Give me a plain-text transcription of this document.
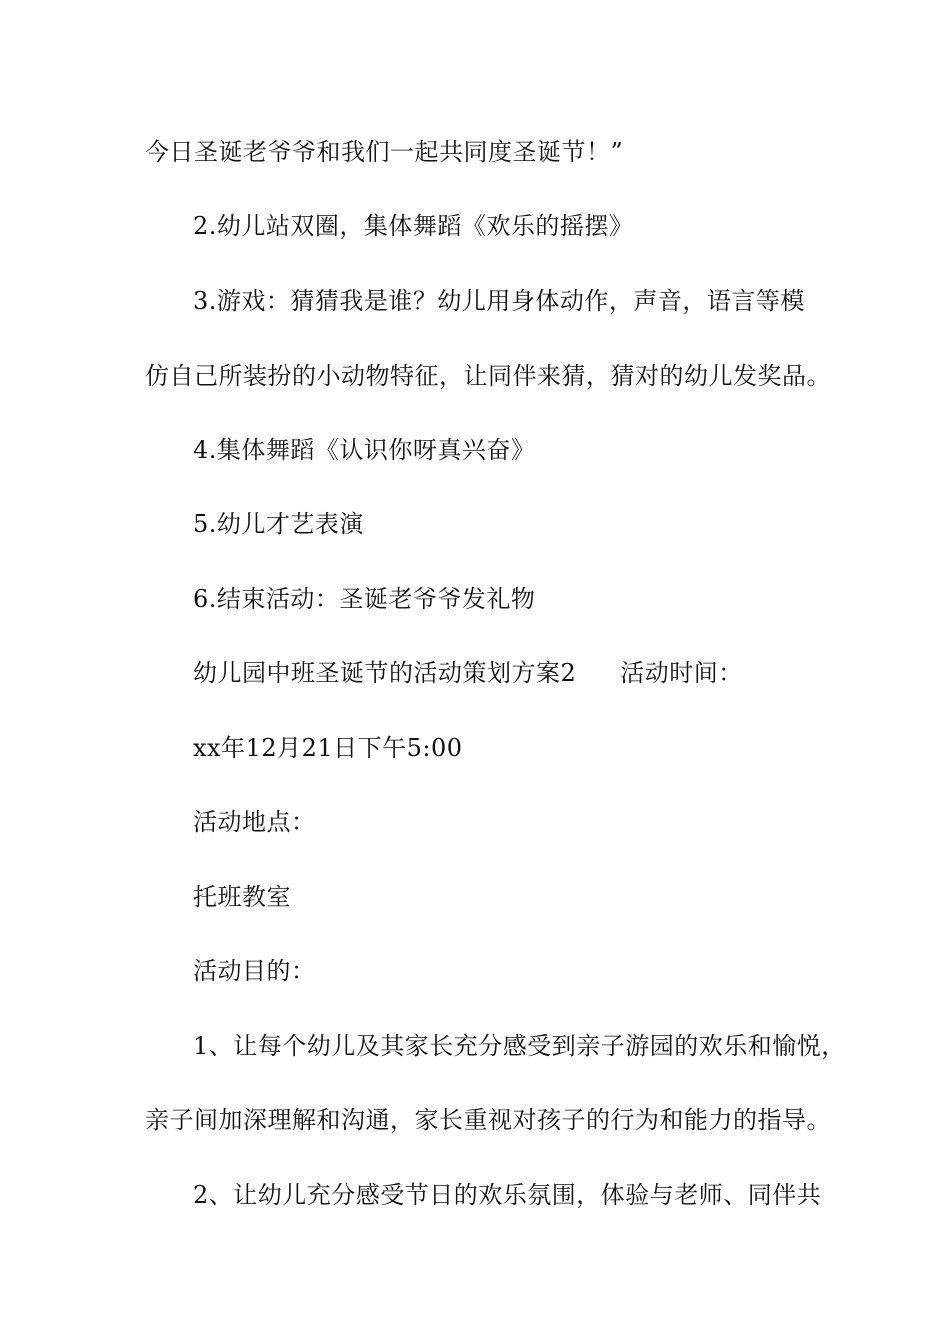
今日圣诞老爷爷和我们一起共同度圣诞节！”
2.幼儿站双圈，集体舞蹈《欢乐的摇摆》
3.游戏：猜猜我是谁？幼儿用身体动作，声音，语言等模
仿自己所装扮的小动物特征，让同伴来猜，猜对的幼儿发奖品。
4.集体舞蹈《认识你呀真兴奋》
5.幼儿才艺表演
6.结束活动：圣诞老爷爷发礼物
幼儿园中班圣诞节的活动策划方案2 活动时间：
xx年12月21日下午5:00
活动地点：
托班教室
活动目的：
1、让每个幼儿及其家长充分感受到亲子游园的欢乐和愉悦，
亲子间加深理解和沟通，家长重视对孩子的行为和能力的指导。
2、让幼儿充分感受节日的欢乐氛围，体验与老师、同伴共
